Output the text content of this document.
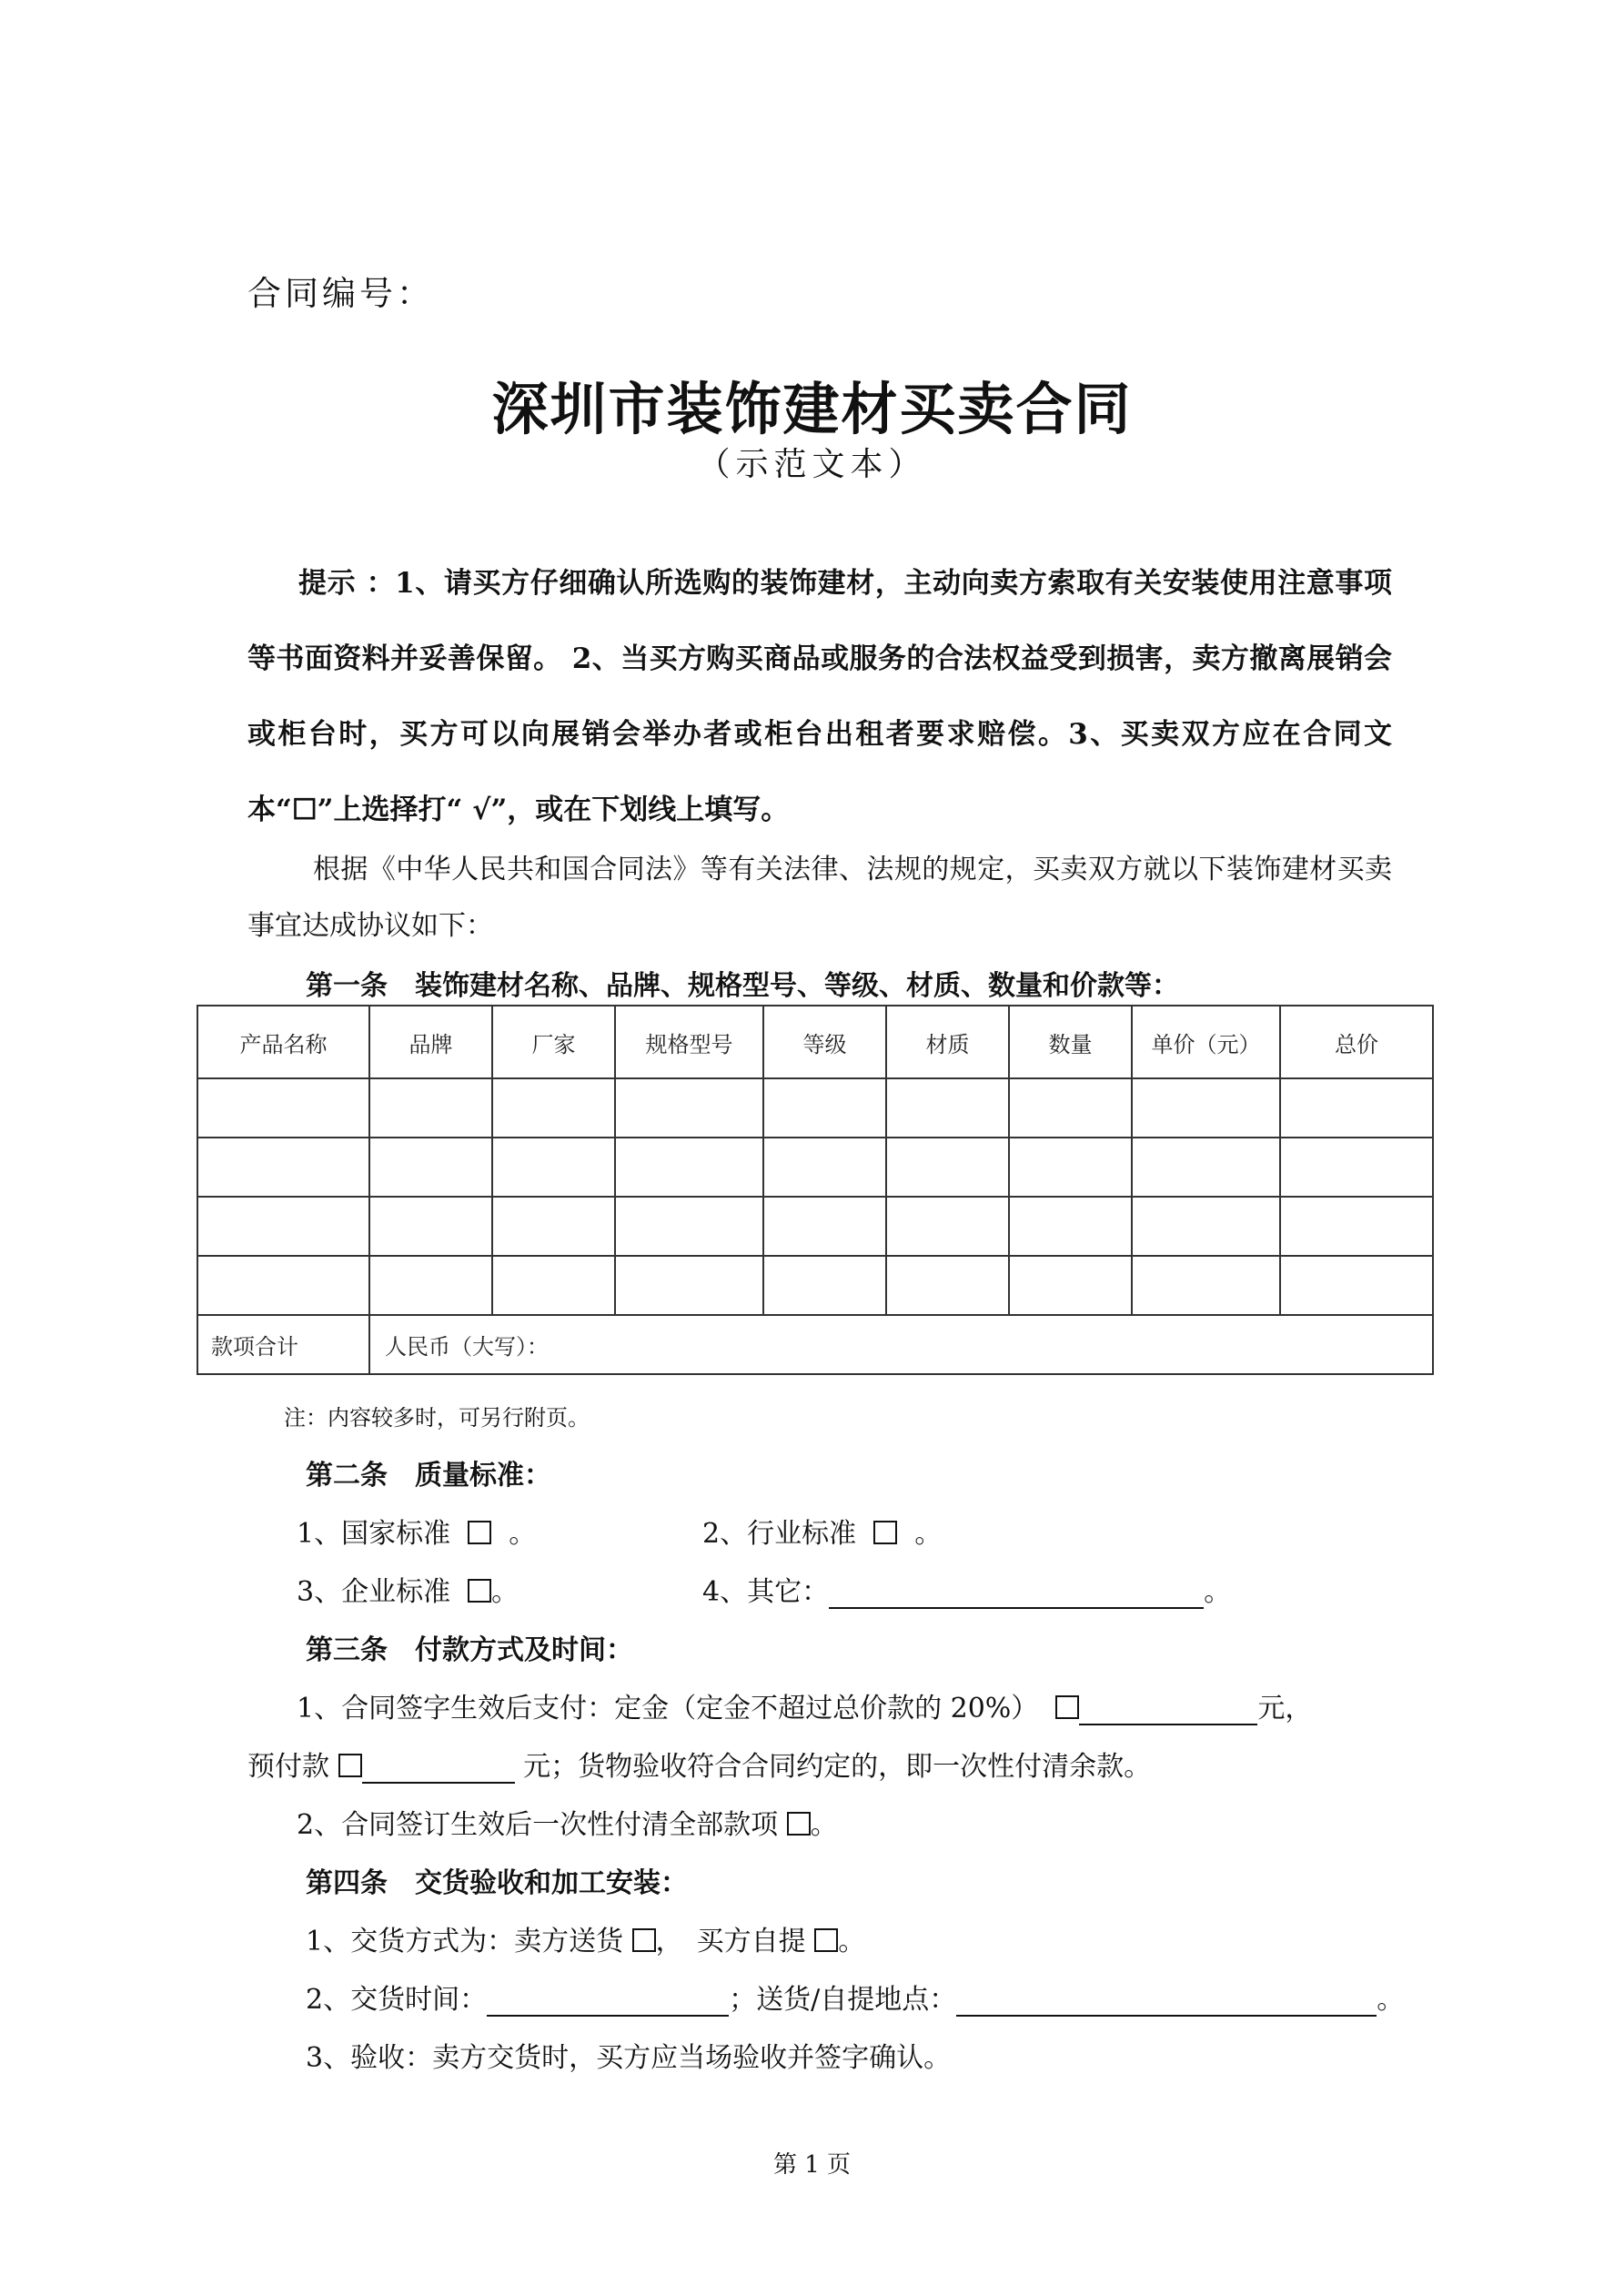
合同编号：
深圳市装饰建材买卖合同
（示范文本）
提示 ：1、请买方仔细确认所选购的装饰建材，主动向卖方索取有关安装使用注意事项等书面资料并妥善保留。 2、当买方购买商品或服务的合法权益受到损害，卖方撤离展销会或柜台时，买方可以向展销会举办者或柜台出租者要求赔偿。3、买卖双方应在合同文本“☐”上选择打“ √”，或在下划线上填写。
根据《中华人民共和国合同法》等有关法律、法规的规定，买卖双方就以下装饰建材买卖事宜达成协议如下：
第一条　装饰建材名称、品牌、规格型号、等级、材质、数量和价款等：
产品名称	品牌	厂家	规格型号	等级	材质	数量	单价（元）	总价

款项合计	人民币（大写）：							
注：内容较多时，可另行附页。
第二条　质量标准：
1、国家标准 。	2、行业标准 。
3、企业标准 。	4、其它：	。
第三条　付款方式及时间：
1、合同签字生效后支付：定金（定金不超过总价款的 20%）	元，
预付款	元；货物验收符合合同约定的，即一次性付清余款。
2、合同签订生效后一次性付清全部款项 。
第四条　交货验收和加工安装：
1、交货方式为：卖方送货 ，　买方自提 。
2、交货时间：	；送货/自提地点：	。
3、验收：卖方交货时，买方应当场验收并签字确认。
第 1 页
